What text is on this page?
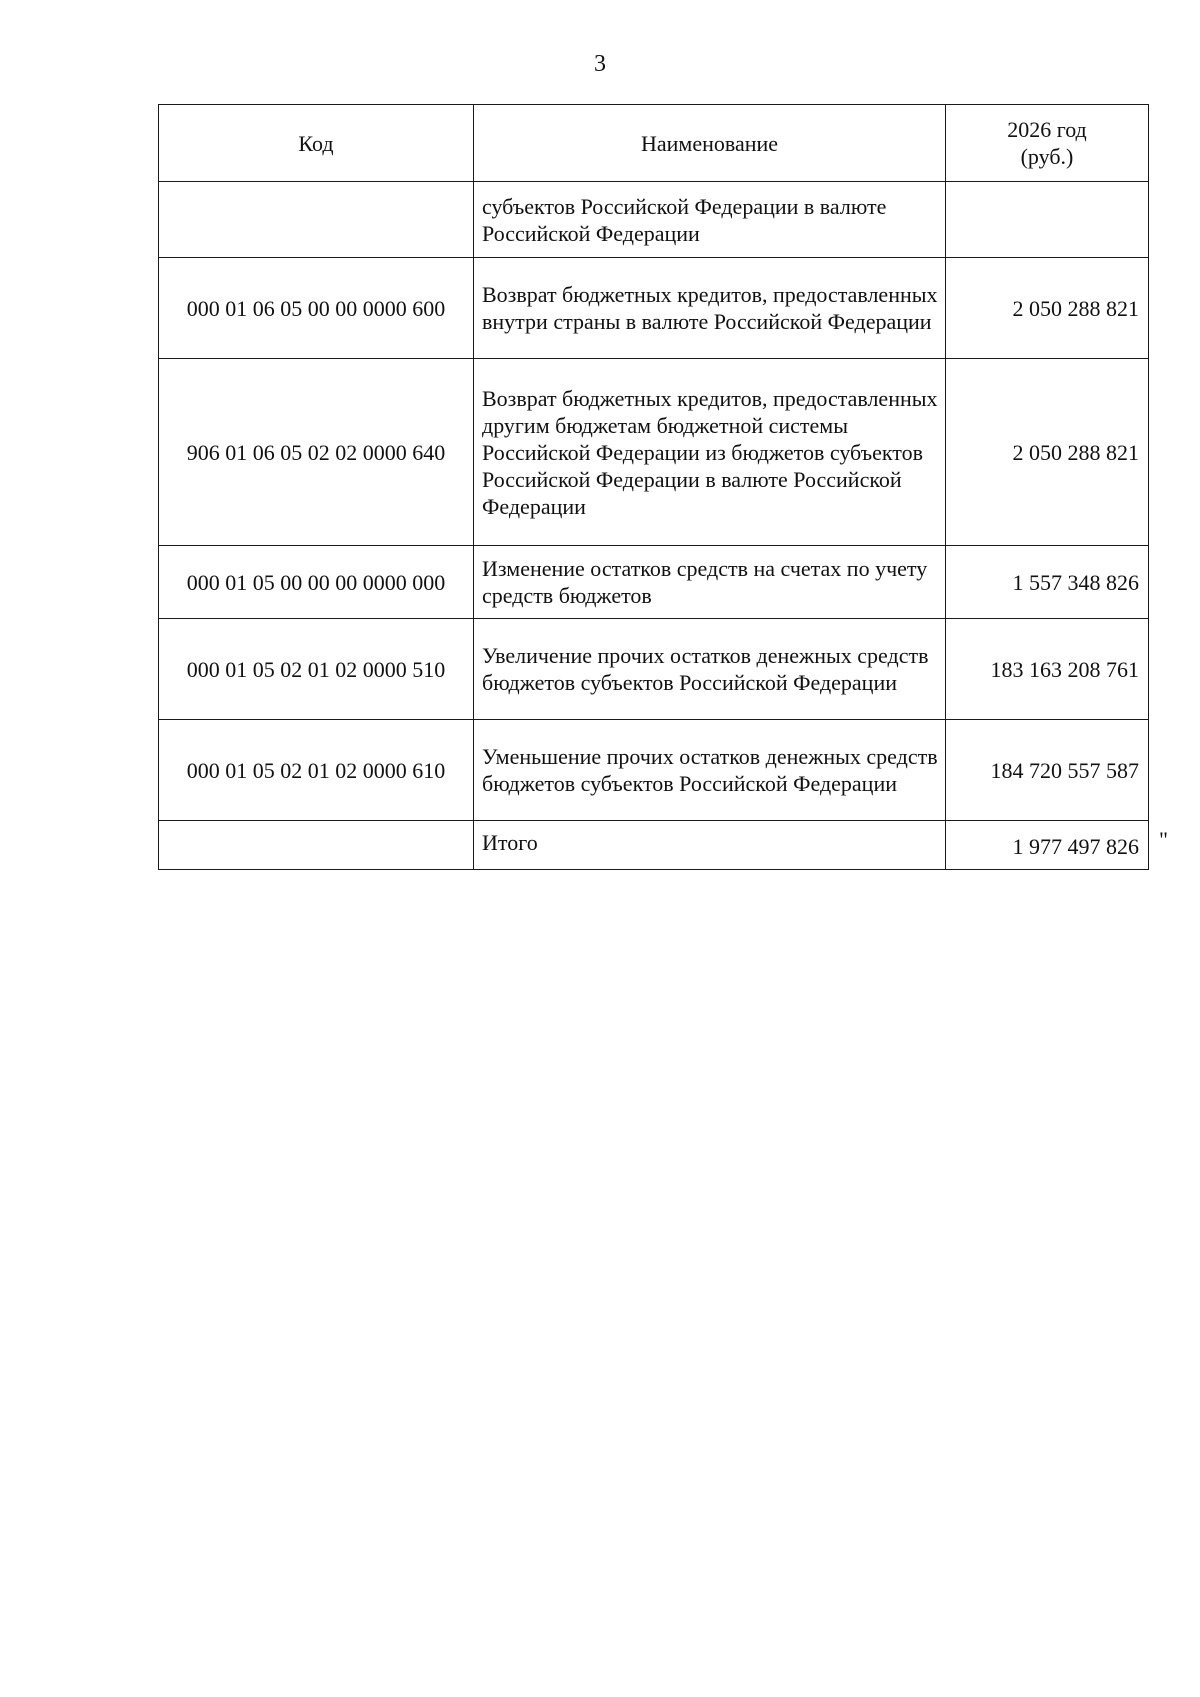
3
Код	Наименование	2026 год
(руб.)

	субъектов Российской Федерации в валюте Российской Федерации	
000 01 06 05 00 00 0000 600	Возврат бюджетных кредитов, предоставленных внутри страны в валюте Российской Федерации	2 050 288 821
906 01 06 05 02 02 0000 640	Возврат бюджетных кредитов, предоставленных другим бюджетам бюджетной системы Российской Федерации из бюджетов субъектов Российской Федерации в валюте Российской Федерации	2 050 288 821
000 01 05 00 00 00 0000 000	Изменение остатков средств на счетах по учету средств бюджетов	1 557 348 826
000 01 05 02 01 02 0000 510	Увеличение прочих остатков денежных средств бюджетов субъектов Российской Федерации	183 163 208 761
000 01 05 02 01 02 0000 610	Уменьшение прочих остатков денежных средств бюджетов субъектов Российской Федерации	184 720 557 587
	Итого	1 977 497 826 "
